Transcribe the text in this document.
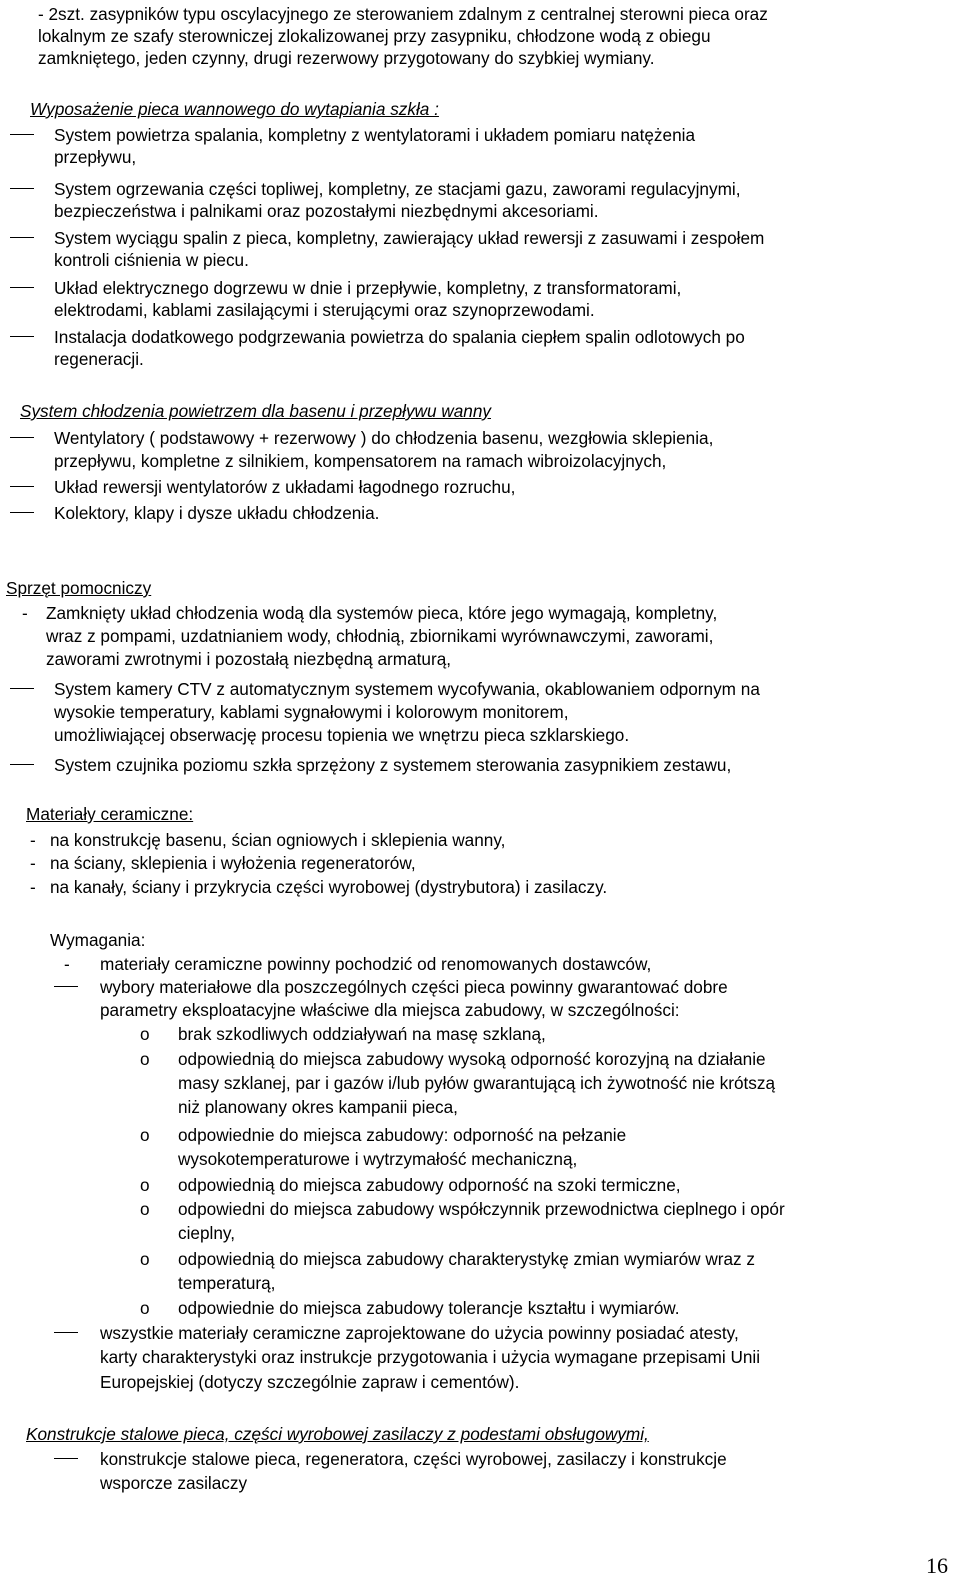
- 2szt. zasypników typu oscylacyjnego ze sterowaniem zdalnym z centralnej sterowni pieca oraz
lokalnym ze szafy sterowniczej zlokalizowanej przy zasypniku, chłodzone wodą z obiegu
zamkniętego, jeden czynny, drugi rezerwowy przygotowany do szybkiej wymiany.
Wyposażenie pieca wannowego do wytapiania szkła :
System powietrza spalania, kompletny z wentylatorami i układem pomiaru natężenia
przepływu,
System ogrzewania części topliwej, kompletny, ze stacjami gazu, zaworami regulacyjnymi,
bezpieczeństwa i palnikami oraz pozostałymi niezbędnymi akcesoriami.
System wyciągu spalin z pieca, kompletny, zawierający układ rewersji z zasuwami i zespołem
kontroli ciśnienia w piecu.
Układ elektrycznego dogrzewu w dnie i przepływie, kompletny, z transformatorami,
elektrodami, kablami zasilającymi i sterującymi oraz szynoprzewodami.
Instalacja dodatkowego podgrzewania powietrza do spalania ciepłem spalin odlotowych po
regeneracji.
System chłodzenia powietrzem dla basenu i przepływu wanny
Wentylatory ( podstawowy + rezerwowy ) do chłodzenia basenu, wezgłowia sklepienia,
przepływu, kompletne z silnikiem, kompensatorem na ramach wibroizolacyjnych,
Układ rewersji wentylatorów z układami łagodnego rozruchu,
Kolektory, klapy i dysze układu chłodzenia.
Sprzęt pomocniczy
- Zamknięty układ chłodzenia wodą dla systemów pieca, które jego wymagają, kompletny,
wraz z pompami, uzdatnianiem wody, chłodnią, zbiornikami wyrównawczymi, zaworami,
zaworami zwrotnymi i pozostałą niezbędną armaturą,
System kamery CTV z automatycznym systemem wycofywania, okablowaniem odpornym na
wysokie temperatury, kablami sygnałowymi i kolorowym monitorem,
umożliwiającej obserwację procesu topienia we wnętrzu pieca szklarskiego.
System czujnika poziomu szkła sprzężony z systemem sterowania zasypnikiem zestawu,
Materiały ceramiczne:
- na konstrukcję basenu, ścian ogniowych i sklepienia wanny,
- na ściany, sklepienia i wyłożenia regeneratorów,
- na kanały, ściany i przykrycia części wyrobowej (dystrybutora) i zasilaczy.
Wymagania:
- materiały ceramiczne powinny pochodzić od renomowanych dostawców,
wybory materiałowe dla poszczególnych części pieca powinny gwarantować dobre
parametry eksploatacyjne właściwe dla miejsca zabudowy, w szczególności:
o brak szkodliwych oddziaływań na masę szklaną,
o odpowiednią do miejsca zabudowy wysoką odporność korozyjną na działanie
masy szklanej, par i gazów i/lub pyłów gwarantującą ich żywotność nie krótszą
niż planowany okres kampanii pieca,
o odpowiednie do miejsca zabudowy: odporność na pełzanie
wysokotemperaturowe i wytrzymałość mechaniczną,
o odpowiednią do miejsca zabudowy odporność na szoki termiczne,
o odpowiedni do miejsca zabudowy współczynnik przewodnictwa cieplnego i opór
cieplny,
o odpowiednią do miejsca zabudowy charakterystykę zmian wymiarów wraz z
temperaturą,
o odpowiednie do miejsca zabudowy tolerancje kształtu i wymiarów.
wszystkie materiały ceramiczne zaprojektowane do użycia powinny posiadać atesty,
karty charakterystyki oraz instrukcje przygotowania i użycia wymagane przepisami Unii
Europejskiej (dotyczy szczególnie zapraw i cementów).
Konstrukcje stalowe pieca, części wyrobowej zasilaczy z podestami obsługowymi,
konstrukcje stalowe pieca, regeneratora, części wyrobowej, zasilaczy i konstrukcje
wsporcze zasilaczy
16
